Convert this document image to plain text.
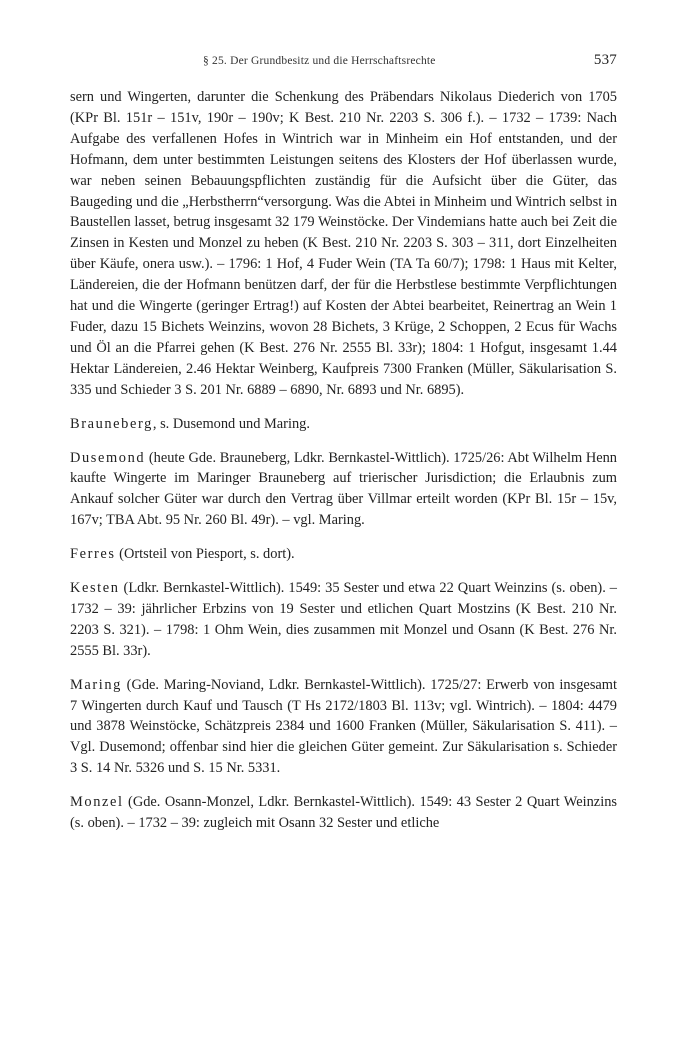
§ 25. Der Grundbesitz und die Herrschaftsrechte	537

sern und Wingerten, darunter die Schenkung des Präbendars Nikolaus Diederich von 1705 (KPr Bl. 151r – 151v, 190r – 190v; K Best. 210 Nr. 2203 S. 306 f.). – 1732 – 1739: Nach Aufgabe des verfallenen Hofes in Wintrich war in Minheim ein Hof entstanden, und der Hofmann, dem unter bestimmten Leistungen seitens des Klosters der Hof überlassen wurde, war neben seinen Bebauungspflichten zuständig für die Aufsicht über die Güter, das Baugeding und die „Herbstherrn“versorgung. Was die Abtei in Minheim und Wintrich selbst in Baustellen lasset, betrug insgesamt 32 179 Weinstöcke. Der Vindemians hatte auch bei Zeit die Zinsen in Kesten und Monzel zu heben (K Best. 210 Nr. 2203 S. 303 – 311, dort Einzelheiten über Käufe, onera usw.). – 1796: 1 Hof, 4 Fuder Wein (TA Ta 60/7); 1798: 1 Haus mit Kelter, Ländereien, die der Hofmann benützen darf, der für die Herbstlese bestimmte Verpflichtungen hat und die Wingerte (geringer Ertrag!) auf Kosten der Abtei bearbeitet, Reinertrag an Wein 1 Fuder, dazu 15 Bichets Weinzins, wovon 28 Bichets, 3 Krüge, 2 Schoppen, 2 Ecus für Wachs und Öl an die Pfarrei gehen (K Best. 276 Nr. 2555 Bl. 33r); 1804: 1 Hofgut, insgesamt 1.44 Hektar Ländereien, 2.46 Hektar Weinberg, Kaufpreis 7300 Franken (Müller, Säkularisation S. 335 und Schieder 3 S. 201 Nr. 6889 – 6890, Nr. 6893 und Nr. 6895).

Brauneberg, s. Dusemond und Maring.

Dusemond (heute Gde. Brauneberg, Ldkr. Bernkastel-Wittlich). 1725/26: Abt Wilhelm Henn kaufte Wingerte im Maringer Brauneberg auf trierischer Jurisdiction; die Erlaubnis zum Ankauf solcher Güter war durch den Vertrag über Villmar erteilt worden (KPr Bl. 15r – 15v, 167v; TBA Abt. 95 Nr. 260 Bl. 49r). – vgl. Maring.

Ferres (Ortsteil von Piesport, s. dort).

Kesten (Ldkr. Bernkastel-Wittlich). 1549: 35 Sester und etwa 22 Quart Weinzins (s. oben). – 1732 – 39: jährlicher Erbzins von 19 Sester und etlichen Quart Mostzins (K Best. 210 Nr. 2203 S. 321). – 1798: 1 Ohm Wein, dies zusammen mit Monzel und Osann (K Best. 276 Nr. 2555 Bl. 33r).

Maring (Gde. Maring-Noviand, Ldkr. Bernkastel-Wittlich). 1725/27: Erwerb von insgesamt 7 Wingerten durch Kauf und Tausch (T Hs 2172/1803 Bl. 113v; vgl. Wintrich). – 1804: 4479 und 3878 Weinstöcke, Schätzpreis 2384 und 1600 Franken (Müller, Säkularisation S. 411). – Vgl. Dusemond; offenbar sind hier die gleichen Güter gemeint. Zur Säkularisation s. Schieder 3 S. 14 Nr. 5326 und S. 15 Nr. 5331.

Monzel (Gde. Osann-Monzel, Ldkr. Bernkastel-Wittlich). 1549: 43 Sester 2 Quart Weinzins (s. oben). – 1732 – 39: zugleich mit Osann 32 Sester und etliche
